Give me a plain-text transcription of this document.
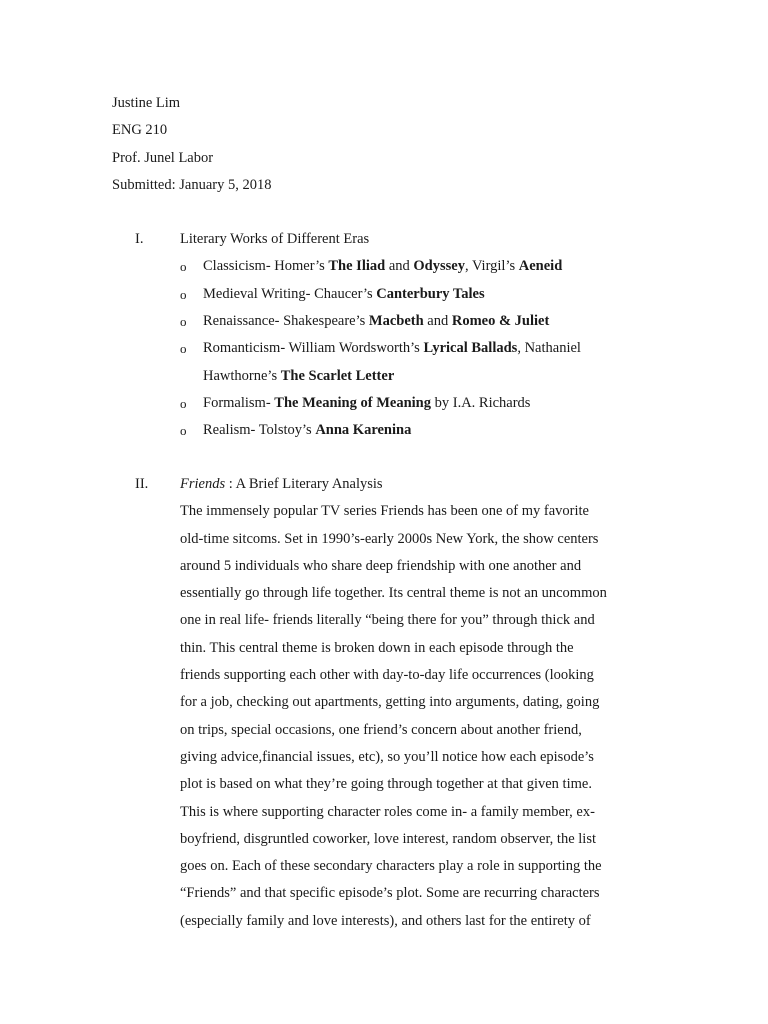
Justine Lim
ENG 210
Prof. Junel Labor
Submitted: January 5, 2018
I.	Literary Works of Different Eras
o Classicism- Homer’s The Iliad and Odyssey, Virgil’s Aeneid
o Medieval Writing- Chaucer’s Canterbury Tales
o Renaissance- Shakespeare’s Macbeth and Romeo & Juliet
o Romanticism- William Wordsworth’s Lyrical Ballads, Nathaniel
Hawthorne’s The Scarlet Letter
o Formalism- The Meaning of Meaning by I.A. Richards
o Realism- Tolstoy’s Anna Karenina
II. Friends : A Brief Literary Analysis
The immensely popular TV series Friends has been one of my favorite
old-time sitcoms. Set in 1990’s-early 2000s New York, the show centers
around 5 individuals who share deep friendship with one another and
essentially go through life together. Its central theme is not an uncommon
one in real life- friends literally “being there for you” through thick and
thin. This central theme is broken down in each episode through the
friends supporting each other with day-to-day life occurrences (looking
for a job, checking out apartments, getting into arguments, dating, going
on trips, special occasions, one friend’s concern about another friend,
giving advice,financial issues, etc), so you’ll notice how each episode’s
plot is based on what they’re going through together at that given time.
This is where supporting character roles come in- a family member, ex-
boyfriend, disgruntled coworker, love interest, random observer, the list
goes on. Each of these secondary characters play a role in supporting the
“Friends” and that specific episode’s plot. Some are recurring characters
(especially family and love interests), and others last for the entirety of
